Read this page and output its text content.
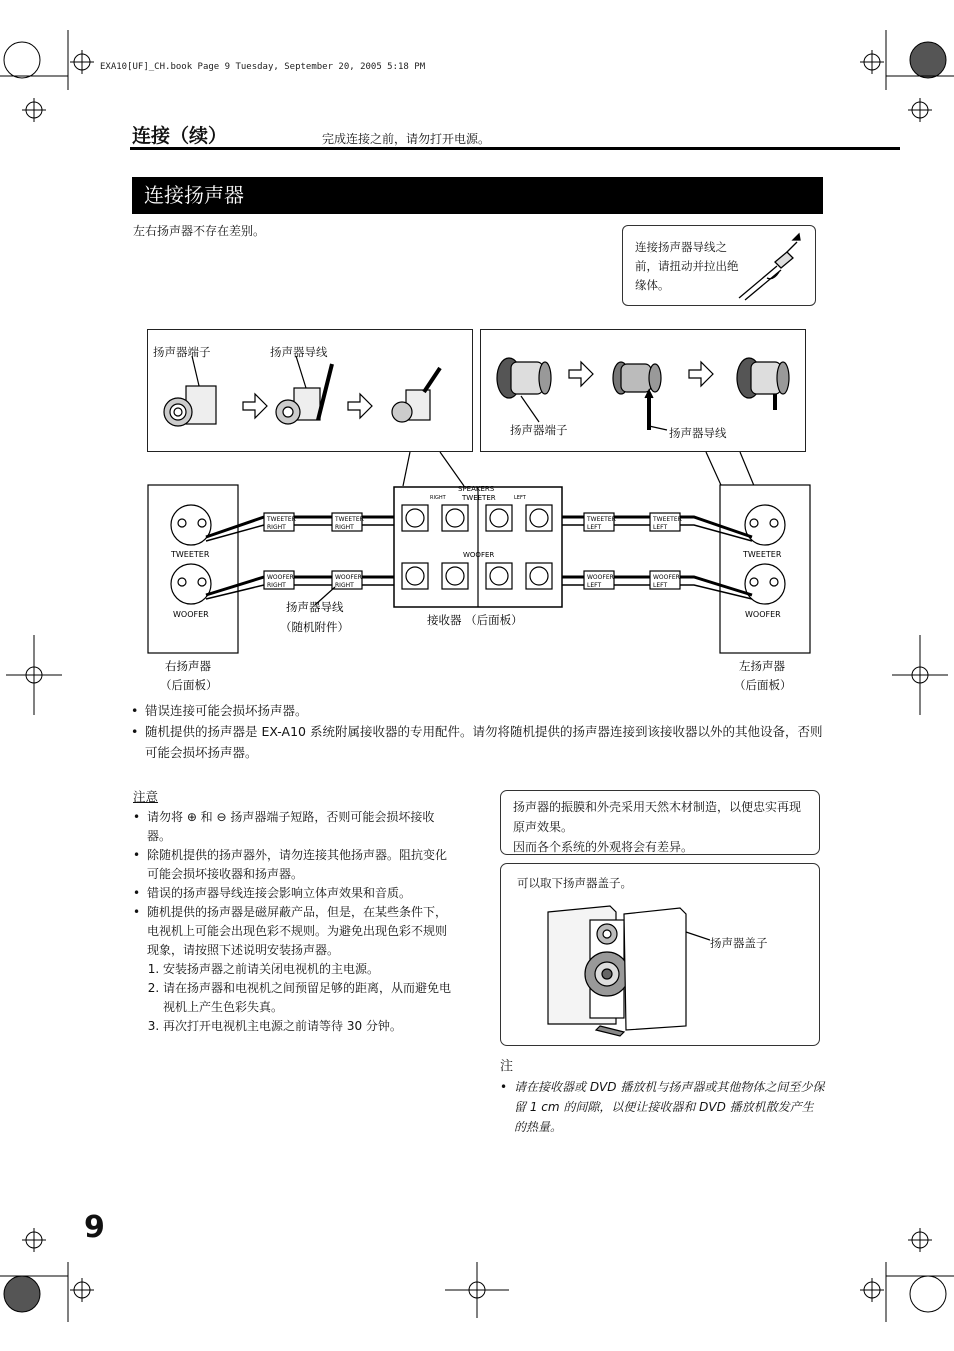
EXA10[UF]_CH.book Page 9 Tuesday, September 20, 2005 5:18 PM
连接（续）	完成连接之前，请勿打开电源。
连接扬声器
左右扬声器不存在差别。
连接扬声器导线之前，请扭动并拉出绝缘体。
扬声器端子	扬声器导线
扬声器端子	扬声器导线
SPEAKERS
RIGHT	LEFT
TWEETER
WOOFER
TWEETER
WOOFER
TWEETER
WOOFER
TWEETER
RIGHT
TWEETER
RIGHT
WOOFER
RIGHT
WOOFER
RIGHT
TWEETER
LEFT
TWEETER
LEFT
WOOFER
LEFT
WOOFER
LEFT
扬声器导线
（随机附件）	接收器 （后面板）
右扬声器
（后面板）
左扬声器
（后面板）
• 错误连接可能会损坏扬声器。
• 随机提供的扬声器是 EX-A10 系统附属接收器的专用配件。请勿将随机提供的扬声器连接到该接收器以外的其他设备，否则可能会损坏扬声器。
注意
• 请勿将 ⊕ 和 ⊖ 扬声器端子短路，否则可能会损坏接收器。
• 除随机提供的扬声器外，请勿连接其他扬声器。阻抗变化可能会损坏接收器和扬声器。
• 错误的扬声器导线连接会影响立体声效果和音质。
• 随机提供的扬声器是磁屏蔽产品，但是，在某些条件下，电视机上可能会出现色彩不规则。为避免出现色彩不规则现象，请按照下述说明安装扬声器。
1. 安装扬声器之前请关闭电视机的主电源。
2. 请在扬声器和电视机之间预留足够的距离，从而避免电视机上产生色彩失真。
3. 再次打开电视机主电源之前请等待 30 分钟。
扬声器的振膜和外壳采用天然木材制造，以便忠实再现原声效果。
因而各个系统的外观将会有差异。
可以取下扬声器盖子。
扬声器盖子
注
• 请在接收器或 DVD 播放机与扬声器或其他物体之间至少保留 1 cm 的间隙，以便让接收器和 DVD 播放机散发产生的热量。
9
